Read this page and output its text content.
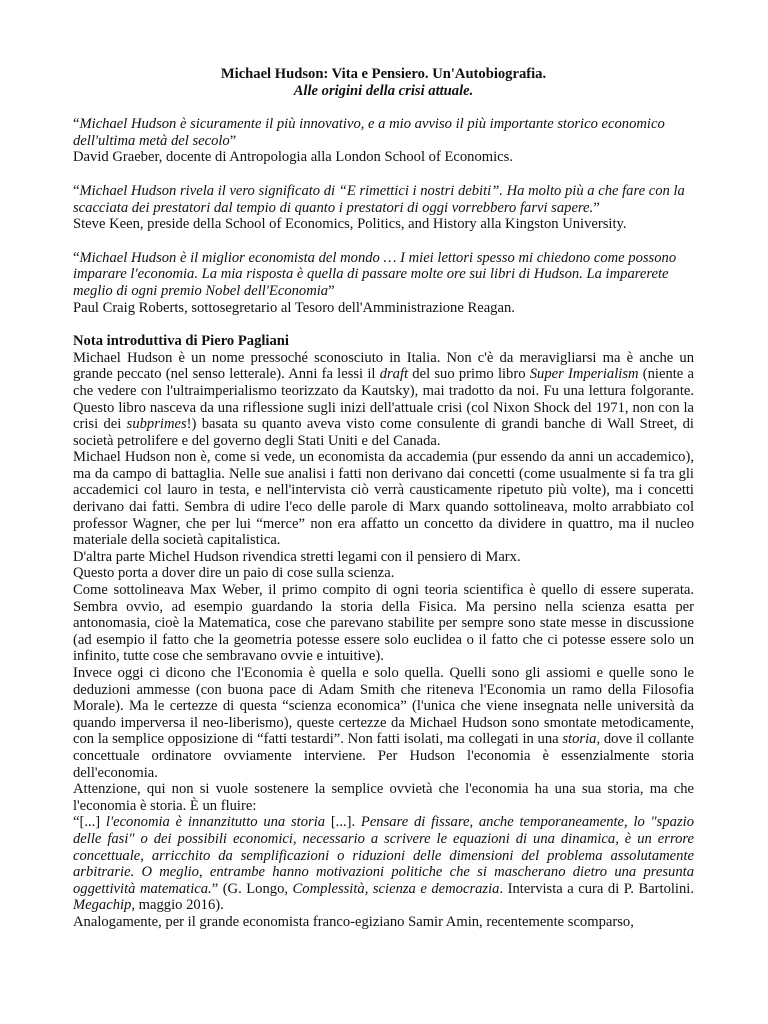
Michael Hudson: Vita e Pensiero. Un'Autobiografia.
Alle origini della crisi attuale.
“Michael Hudson è sicuramente il più innovativo, e a mio avviso il più importante storico economico dell'ultima metà del secolo”
David Graeber, docente di Antropologia alla London School of Economics.
“Michael Hudson rivela il vero significato di “E rimettici i nostri debiti”. Ha molto più a che fare con la scacciata dei prestatori dal tempio di quanto i prestatori di oggi vorrebbero farvi sapere.”
Steve Keen, preside della School of Economics, Politics, and History alla Kingston University.
“Michael Hudson è il miglior economista del mondo … I miei lettori spesso mi chiedono come possono imparare l'economia. La mia risposta è quella di passare molte ore sui libri di Hudson. La imparerete meglio di ogni premio Nobel dell'Economia”
Paul Craig Roberts, sottosegretario al Tesoro dell'Amministrazione Reagan.
Nota introduttiva di Piero Pagliani
Michael Hudson è un nome pressoché sconosciuto in Italia. Non c'è da meravigliarsi ma è anche un grande peccato (nel senso letterale). Anni fa lessi il draft del suo primo libro Super Imperialism (niente a che vedere con l'ultraimperialismo teorizzato da Kautsky), mai tradotto da noi. Fu una lettura folgorante. Questo libro nasceva da una riflessione sugli inizi dell'attuale crisi (col Nixon Shock del 1971, non con la crisi dei subprimes!) basata su quanto aveva visto come consulente di grandi banche di Wall Street, di società petrolifere e del governo degli Stati Uniti e del Canada.
Michael Hudson non è, come si vede, un economista da accademia (pur essendo da anni un accademico), ma da campo di battaglia. Nelle sue analisi i fatti non derivano dai concetti (come usualmente si fa tra gli accademici col lauro in testa, e nell'intervista ciò verrà causticamente ripetuto più volte), ma i concetti derivano dai fatti. Sembra di udire l'eco delle parole di Marx quando sottolineava, molto arrabbiato col professor Wagner, che per lui “merce” non era affatto un concetto da dividere in quattro, ma il nucleo materiale della società capitalistica.
D'altra parte Michel Hudson rivendica stretti legami con il pensiero di Marx.
Questo porta a dover dire un paio di cose sulla scienza.
Come sottolineava Max Weber, il primo compito di ogni teoria scientifica è quello di essere superata. Sembra ovvio, ad esempio guardando la storia della Fisica. Ma persino nella scienza esatta per antonomasia, cioè la Matematica, cose che parevano stabilite per sempre sono state messe in discussione (ad esempio il fatto che la geometria potesse essere solo euclidea o il fatto che ci potesse essere solo un infinito, tutte cose che sembravano ovvie e intuitive).
Invece oggi ci dicono che l'Economia è quella e solo quella. Quelli sono gli assiomi e quelle sono le deduzioni ammesse (con buona pace di Adam Smith che riteneva l'Economia un ramo della Filosofia Morale). Ma le certezze di questa “scienza economica” (l'unica che viene insegnata nelle università da quando imperversa il neo-liberismo), queste certezze da Michael Hudson sono smontate metodicamente, con la semplice opposizione di “fatti testardi”. Non fatti isolati, ma collegati in una storia, dove il collante concettuale ordinatore ovviamente interviene. Per Hudson l'economia è essenzialmente storia dell'economia.
Attenzione, qui non si vuole sostenere la semplice ovvietà che l'economia ha una sua storia, ma che l'economia è storia. È un fluire:
“[...] l'economia è innanzitutto una storia [...]. Pensare di fissare, anche temporaneamente, lo "spazio delle fasi" o dei possibili economici, necessario a scrivere le equazioni di una dinamica, è un errore concettuale, arricchito da semplificazioni o riduzioni delle dimensioni del problema assolutamente arbitrarie. O meglio, entrambe hanno motivazioni politiche che si mascherano dietro una presunta oggettività matematica.” (G. Longo, Complessità, scienza e democrazia. Intervista a cura di P. Bartolini. Megachip, maggio 2016).
Analogamente, per il grande economista franco-egiziano Samir Amin, recentemente scomparso,
